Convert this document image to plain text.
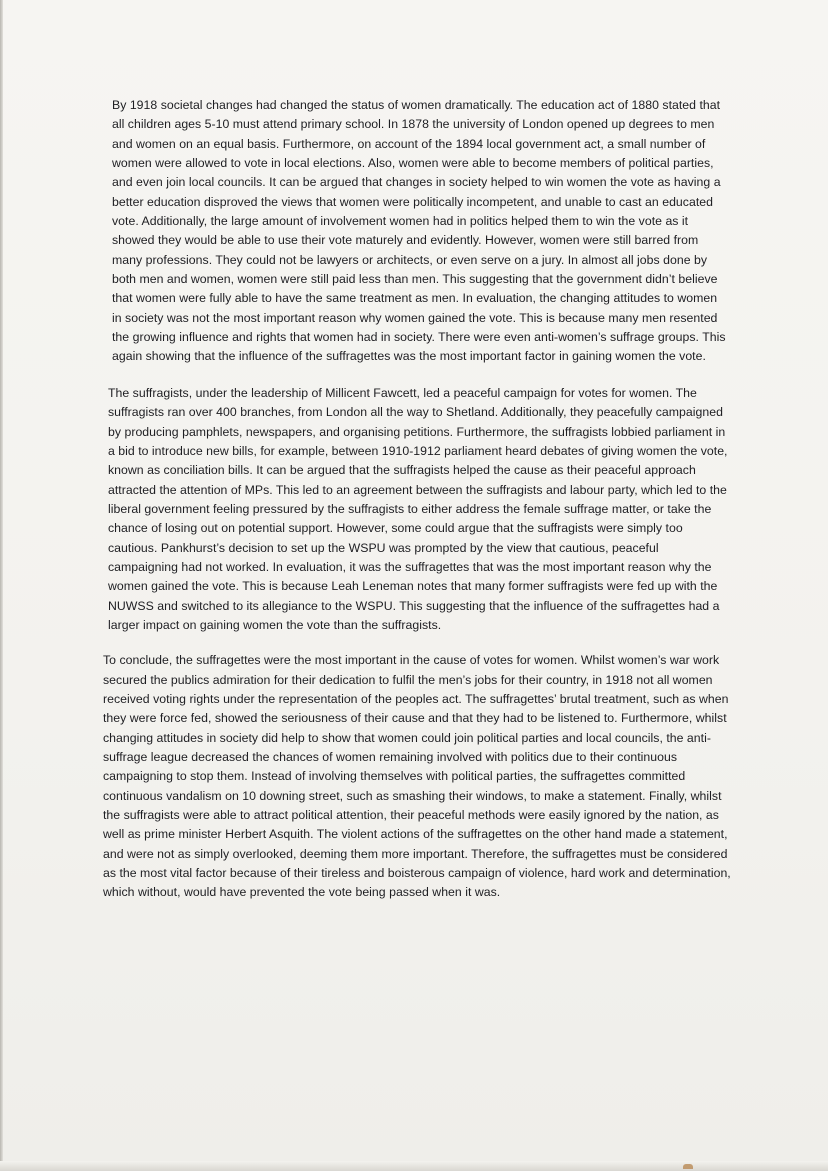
By 1918 societal changes had changed the status of women dramatically. The education act of 1880 stated that all children ages 5-10 must attend primary school. In 1878 the university of London opened up degrees to men and women on an equal basis. Furthermore, on account of the 1894 local government act, a small number of women were allowed to vote in local elections. Also, women were able to become members of political parties, and even join local councils. It can be argued that changes in society helped to win women the vote as having a better education disproved the views that women were politically incompetent, and unable to cast an educated vote. Additionally, the large amount of involvement women had in politics helped them to win the vote as it showed they would be able to use their vote maturely and evidently. However, women were still barred from many professions. They could not be lawyers or architects, or even serve on a jury. In almost all jobs done by both men and women, women were still paid less than men. This suggesting that the government didn’t believe that women were fully able to have the same treatment as men. In evaluation, the changing attitudes to women in society was not the most important reason why women gained the vote. This is because many men resented the growing influence and rights that women had in society. There were even anti-women’s suffrage groups. This again showing that the influence of the suffragettes was the most important factor in gaining women the vote.

The suffragists, under the leadership of Millicent Fawcett, led a peaceful campaign for votes for women. The suffragists ran over 400 branches, from London all the way to Shetland. Additionally, they peacefully campaigned by producing pamphlets, newspapers, and organising petitions. Furthermore, the suffragists lobbied parliament in a bid to introduce new bills, for example, between 1910-1912 parliament heard debates of giving women the vote, known as conciliation bills. It can be argued that the suffragists helped the cause as their peaceful approach attracted the attention of MPs. This led to an agreement between the suffragists and labour party, which led to the liberal government feeling pressured by the suffragists to either address the female suffrage matter, or take the chance of losing out on potential support. However, some could argue that the suffragists were simply too cautious. Pankhurst’s decision to set up the WSPU was prompted by the view that cautious, peaceful campaigning had not worked. In evaluation, it was the suffragettes that was the most important reason why the women gained the vote. This is because Leah Leneman notes that many former suffragists were fed up with the NUWSS and switched to its allegiance to the WSPU. This suggesting that the influence of the suffragettes had a larger impact on gaining women the vote than the suffragists.

To conclude, the suffragettes were the most important in the cause of votes for women. Whilst women’s war work secured the publics admiration for their dedication to fulfil the men’s jobs for their country, in 1918 not all women received voting rights under the representation of the peoples act. The suffragettes’ brutal treatment, such as when they were force fed, showed the seriousness of their cause and that they had to be listened to. Furthermore, whilst changing attitudes in society did help to show that women could join political parties and local councils, the anti-suffrage league decreased the chances of women remaining involved with politics due to their continuous campaigning to stop them. Instead of involving themselves with political parties, the suffragettes committed continuous vandalism on 10 downing street, such as smashing their windows, to make a statement. Finally, whilst the suffragists were able to attract political attention, their peaceful methods were easily ignored by the nation, as well as prime minister Herbert Asquith. The violent actions of the suffragettes on the other hand made a statement, and were not as simply overlooked, deeming them more important. Therefore, the suffragettes must be considered as the most vital factor because of their tireless and boisterous campaign of violence, hard work and determination, which without, would have prevented the vote being passed when it was.
